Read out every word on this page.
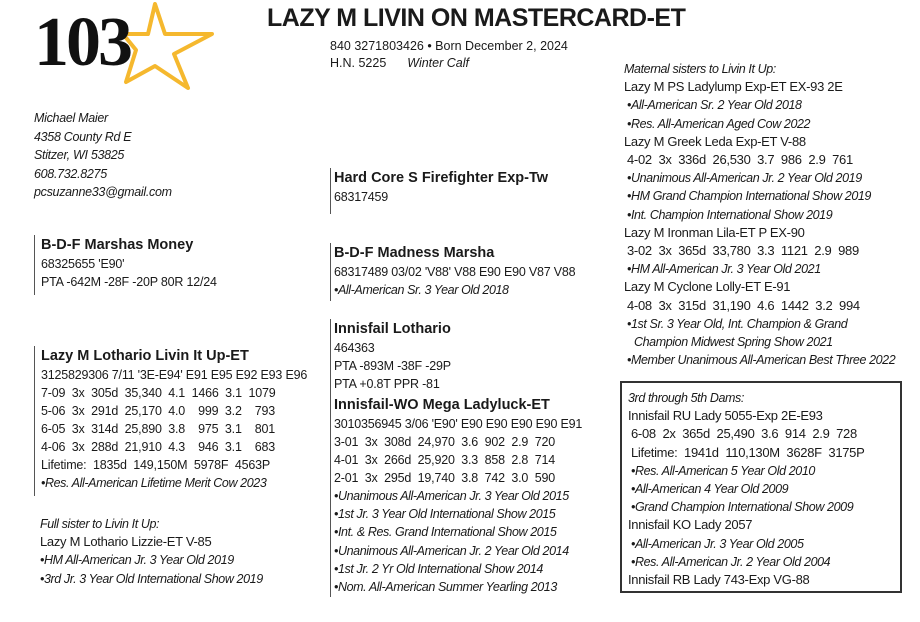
103	LAZY M LIVIN ON MASTERCARD-ET
840 3271803426 • Born December 2, 2024
H.N. 5225 Winter Calf
Michael Maier
4358 County Rd E
Stitzer, WI 53825
608.732.8275
pcsuzanne33@gmail.com
B-D-F Marshas Money
68325655 'E90'
PTA -642M -28F -20P 80R 12/24
Lazy M Lothario Livin It Up-ET
3125829306 7/11 '3E-E94' E91 E95 E92 E93 E96
7-09  3x  305d  35,340  4.1  1466  3.1  1079
5-06  3x  291d  25,170  4.0    999  3.2    793
6-05  3x  314d  25,890  3.8    975  3.1    801
4-06  3x  288d  21,910  4.3    946  3.1    683
Lifetime:  1835d  149,150M  5978F  4563P
•Res. All-American Lifetime Merit Cow 2023
Full sister to Livin It Up:
Lazy M Lothario Lizzie-ET V-85
•HM All-American Jr. 3 Year Old 2019
•3rd Jr. 3 Year Old International Show 2019
Hard Core S Firefighter Exp-Tw
68317459
B-D-F Madness Marsha
68317489 03/02 'V88' V88 E90 E90 V87 V88
•All-American Sr. 3 Year Old 2018
Innisfail Lothario
464363
PTA -893M -38F -29P
PTA +0.8T PPR -81
Innisfail-WO Mega Ladyluck-ET
3010356945 3/06 'E90' E90 E90 E90 E90 E91
3-01  3x  308d  24,970  3.6  902  2.9  720
4-01  3x  266d  25,920  3.3  858  2.8  714
2-01  3x  295d  19,740  3.8  742  3.0  590
•Unanimous All-American Jr. 3 Year Old 2015
•1st Jr. 3 Year Old International Show 2015
•Int. & Res. Grand International Show 2015
•Unanimous All-American Jr. 2 Year Old 2014
•1st Jr. 2 Yr Old International Show 2014
•Nom. All-American Summer Yearling 2013
Maternal sisters to Livin It Up:
Lazy M PS Ladylump Exp-ET EX-93 2E
•All-American Sr. 2 Year Old 2018
•Res. All-American Aged Cow 2022
Lazy M Greek Leda Exp-ET V-88
4-02  3x  336d  26,530  3.7  986  2.9  761
•Unanimous All-American Jr. 2 Year Old 2019
•HM Grand Champion International Show 2019
•Int. Champion International Show 2019
Lazy M Ironman Lila-ET P EX-90
3-02  3x  365d  33,780  3.3  1121  2.9  989
•HM All-American Jr. 3 Year Old 2021
Lazy M Cyclone Lolly-ET E-91
4-08  3x  315d  31,190  4.6  1442  3.2  994
•1st Sr. 3 Year Old, Int. Champion & Grand
Champion Midwest Spring Show 2021
•Member Unanimous All-American Best Three 2022
3rd through 5th Dams:
Innisfail RU Lady 5055-Exp 2E-E93
6-08  2x  365d  25,490  3.6  914  2.9  728
Lifetime:  1941d  110,130M  3628F  3175P
•Res. All-American 5 Year Old 2010
•All-American 4 Year Old 2009
•Grand Champion International Show 2009
Innisfail KO Lady 2057
•All-American Jr. 3 Year Old 2005
•Res. All-American Jr. 2 Year Old 2004
Innisfail RB Lady 743-Exp VG-88
